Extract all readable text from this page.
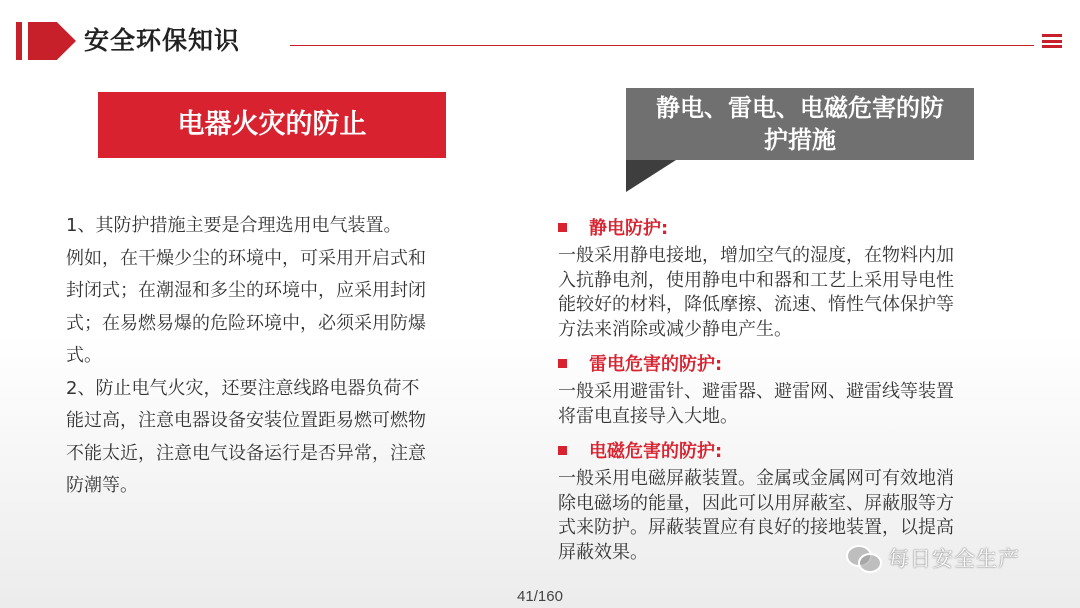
安全环保知识
电器火灾的防止
静电、雷电、电磁危害的防
护措施

1、其防护措施主要是合理选用电气装置。

例如，在干燥少尘的环境中，可采用开启式和

封闭式；在潮湿和多尘的环境中，应采用封闭

式；在易燃易爆的危险环境中，必须采用防爆

式。

2、防止电气火灾，还要注意线路电器负荷不

能过高，注意电器设备安装位置距易燃可燃物

不能太近，注意电气设备运行是否异常，注意

防潮等。

静电防护:
一般采用静电接地，增加空气的湿度，在物料内加
入抗静电剂，使用静电中和器和工艺上采用导电性
能较好的材料，降低摩擦、流速、惰性气体保护等
方法来消除或减少静电产生。
雷电危害的防护:
一般采用避雷针、避雷器、避雷网、避雷线等装置
将雷电直接导入大地。
电磁危害的防护:
一般采用电磁屏蔽装置。金属或金属网可有效地消
除电磁场的能量，因此可以用屏蔽室、屏蔽服等方
式来防护。屏蔽装置应有良好的接地装置，以提高
屏蔽效果。	每日安全生产
41/160
